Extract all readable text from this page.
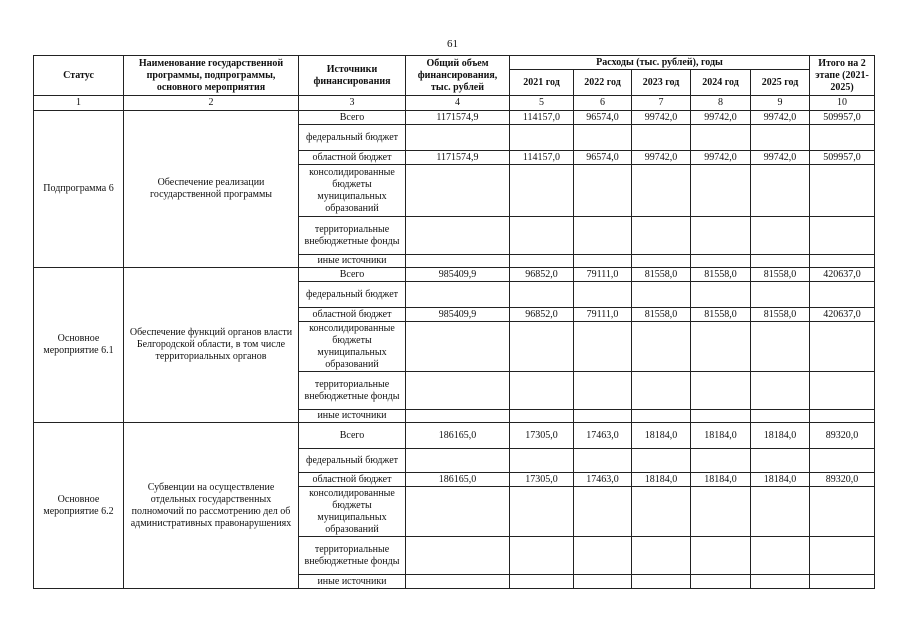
61
Статус	Наименование государственной программы, подпрограммы, основного мероприятия	Источники финансирования	Общий объем финансирования, тыс. рублей	Расходы (тыс. рублей), годы					Итого на 2 этапе (2021-2025)
				2021 год	2022 год	2023 год	2024 год	2025 год	
1	2	3	4	5	6	7	8	9	10
Подпрограмма 6	Обеспечение реализации государственной программы	Всего	1171574,9	114157,0	96574,0	99742,0	99742,0	99742,0	509957,0
		федеральный бюджет							
		областной бюджет	1171574,9	114157,0	96574,0	99742,0	99742,0	99742,0	509957,0
		консолидированные бюджеты муниципальных образований							
		территориальные внебюджетные фонды							
		иные источники							
Основное мероприятие 6.1	Обеспечение функций органов власти Белгородской области, в том числе территориальных органов	Всего	985409,9	96852,0	79111,0	81558,0	81558,0	81558,0	420637,0
		федеральный бюджет							
		областной бюджет	985409,9	96852,0	79111,0	81558,0	81558,0	81558,0	420637,0
		консолидированные бюджеты муниципальных образований							
		территориальные внебюджетные фонды							
		иные источники							
Основное мероприятие 6.2	Субвенции на осуществление отдельных государственных полномочий по рассмотрению дел об административных правонарушениях	Всего	186165,0	17305,0	17463,0	18184,0	18184,0	18184,0	89320,0
		федеральный бюджет							
		областной бюджет	186165,0	17305,0	17463,0	18184,0	18184,0	18184,0	89320,0
		консолидированные бюджеты муниципальных образований							
		территориальные внебюджетные фонды							
		иные источники							
